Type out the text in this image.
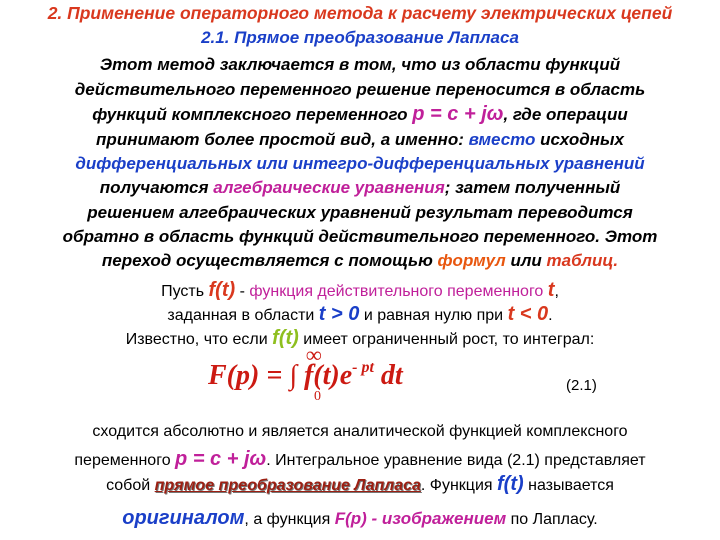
2. Применение операторного метода к расчету электрических цепей
2.1. Прямое преобразование Лапласа
Этот метод заключается в том, что из области функций
действительного переменного решение переносится в область
функций комплексного переменного p = c + jω, где операции
принимают более простой вид, а именно: вместо исходных
дифференциальных или интегро-дифференциальных уравнений
получаются алгебраические уравнения; затем полученный
решением алгебраических уравнений результат переводится
обратно в область функций действительного переменного. Этот
переход осуществляется с помощью формул или таблиц.
Пусть f(t) - функция действительного переменного t,
заданная в области t > 0 и равная нулю при t < 0.
Известно, что если f(t) имеет ограниченный рост, то интеграл:
∞
F(p) = ∫ $f(t)e^{- pt}$ dt
0
(2.1)
сходится абсолютно и является аналитической функцией комплексного
переменного p = c + jω. Интегральное уравнение вида (2.1) представляет
собой прямое преобразование Лапласа. Функция f(t) называется
оригиналом, а функция F(p) - изображением по Лапласу.
